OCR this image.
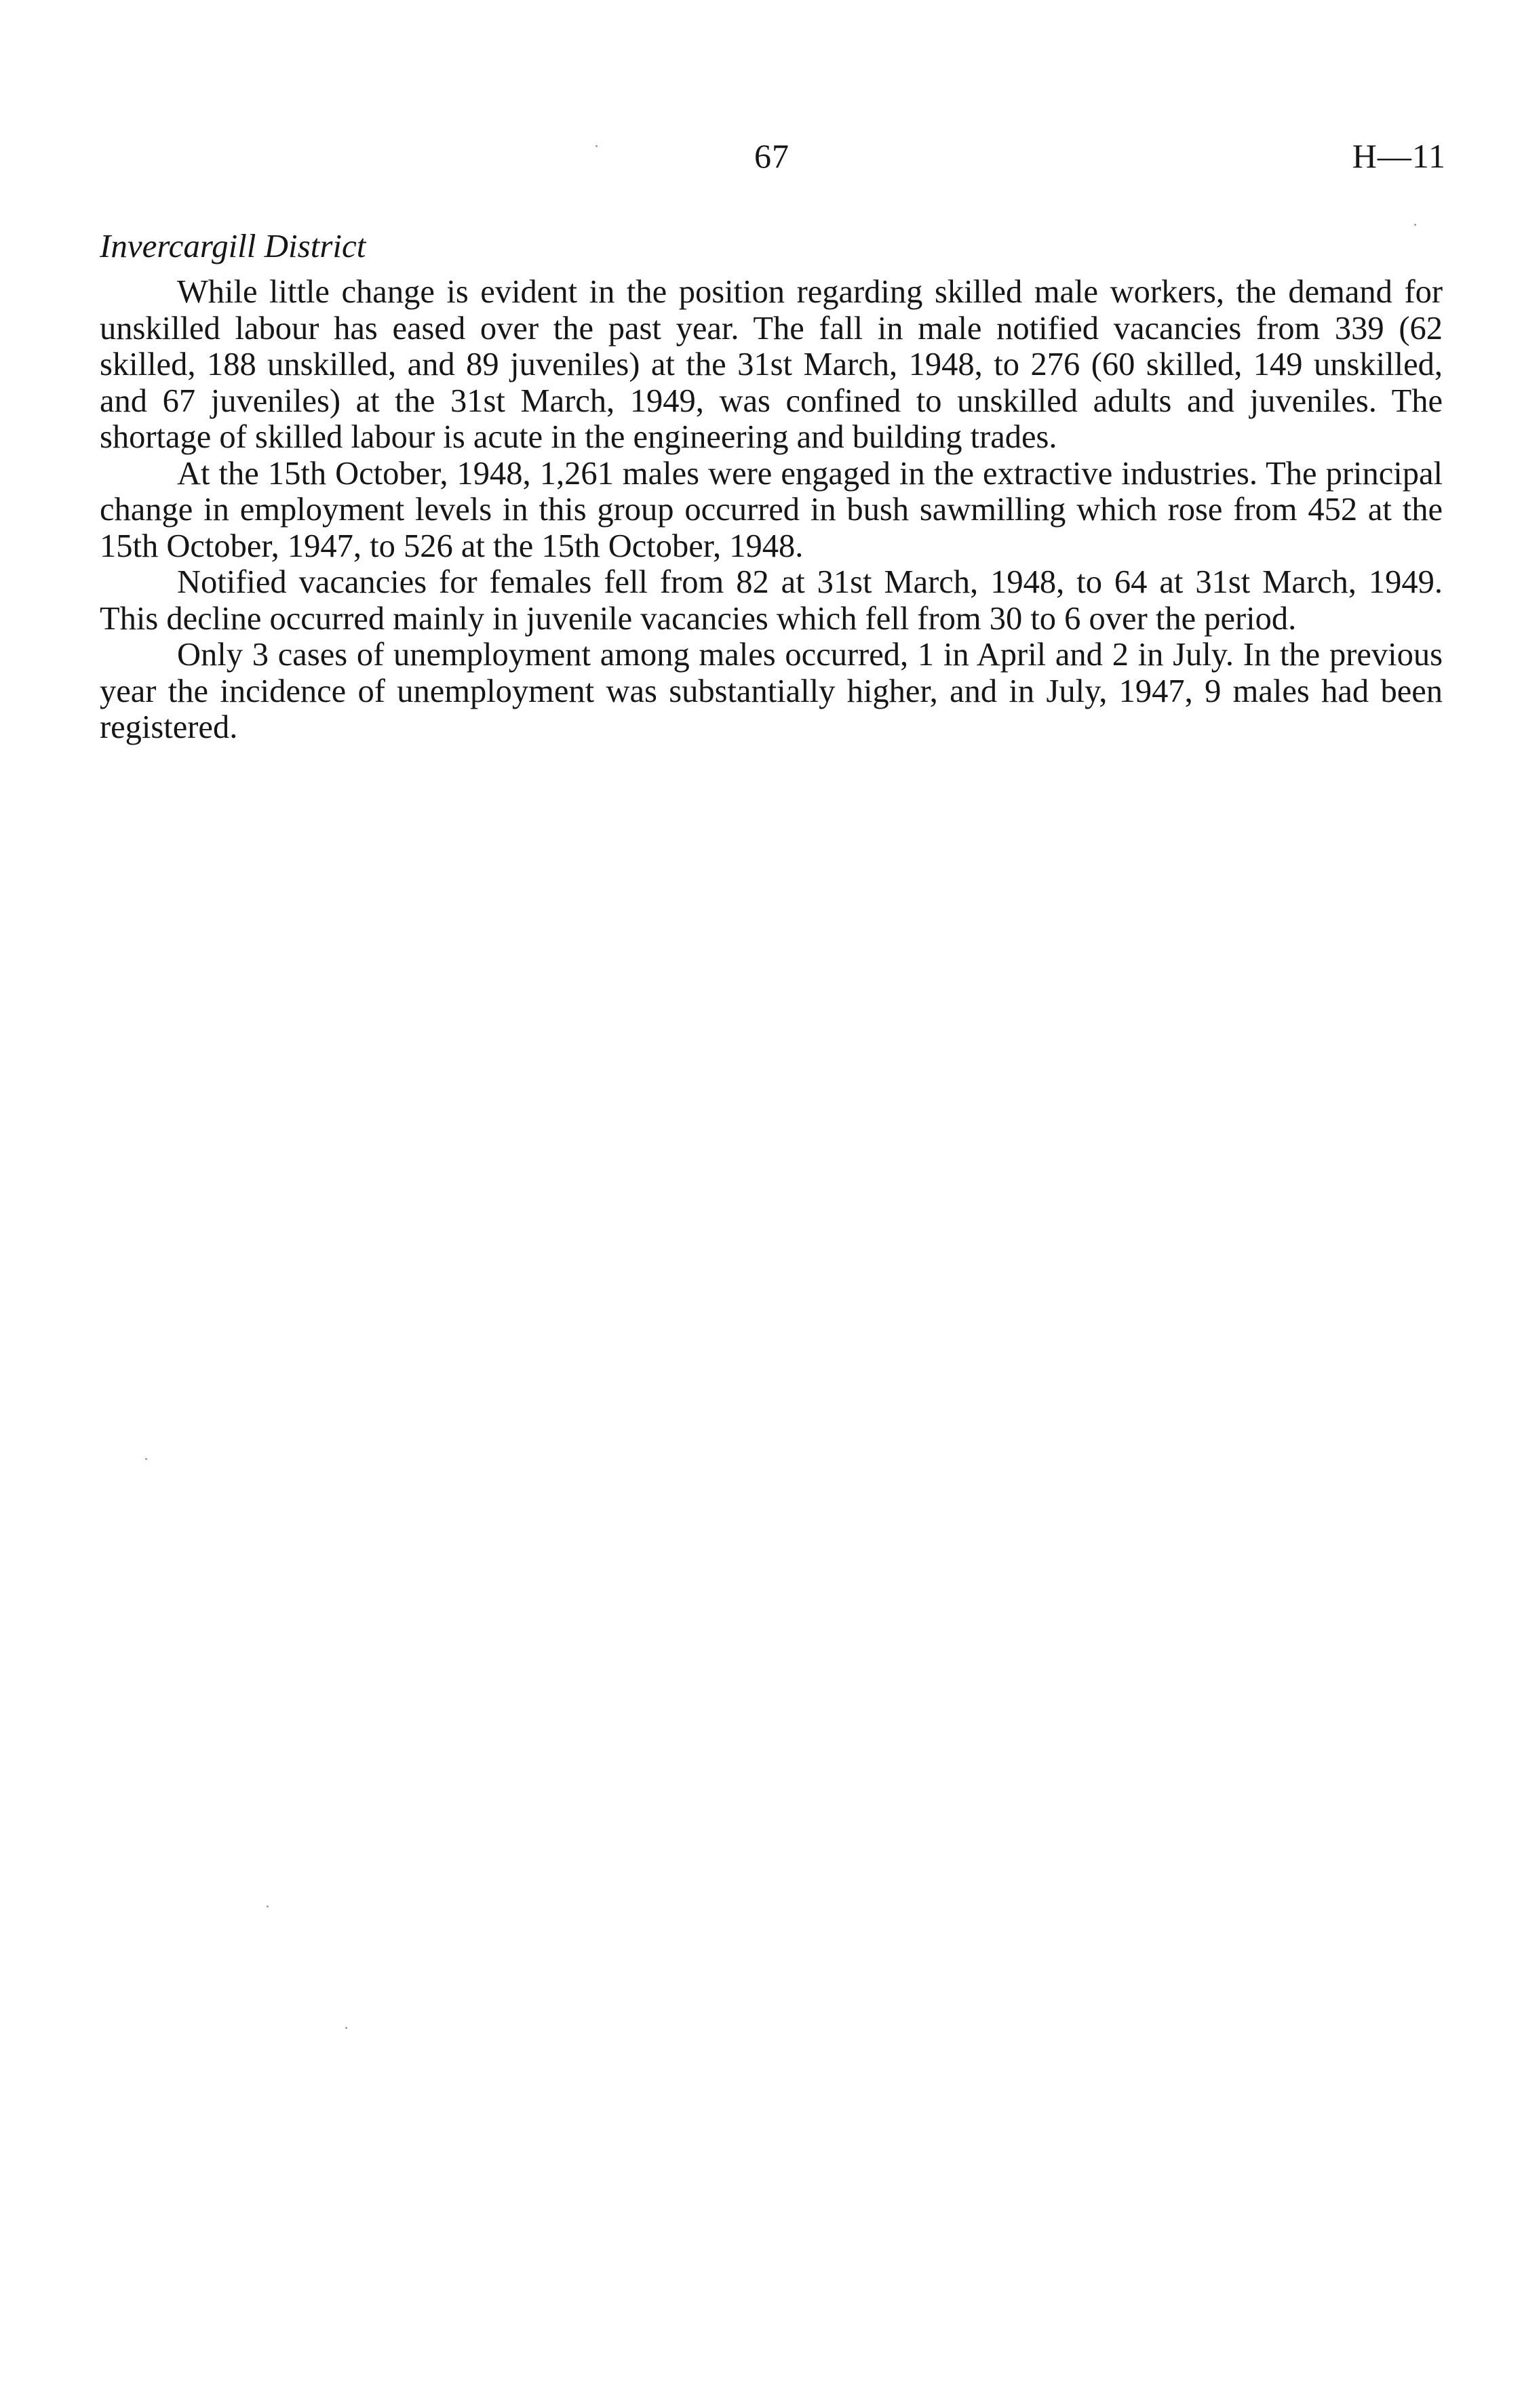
67	H—11
Invercargill District

While little change is evident in the position regarding skilled male workers, the demand for unskilled labour has eased over the past year. The fall in male notified vacancies from 339 (62 skilled, 188 unskilled, and 89 juveniles) at the 31st March, 1948, to 276 (60 skilled, 149 unskilled, and 67 juveniles) at the 31st March, 1949, was confined to unskilled adults and juveniles. The shortage of skilled labour is acute in the engineering and building trades.

At the 15th October, 1948, 1,261 males were engaged in the extractive industries. The principal change in employment levels in this group occurred in bush sawmilling which rose from 452 at the 15th October, 1947, to 526 at the 15th October, 1948.

Notified vacancies for females fell from 82 at 31st March, 1948, to 64 at 31st March, 1949. This decline occurred mainly in juvenile vacancies which fell from 30 to 6 over the period.

Only 3 cases of unemployment among males occurred, 1 in April and 2 in July. In the previous year the incidence of unemployment was substantially higher, and in July, 1947, 9 males had been registered.
